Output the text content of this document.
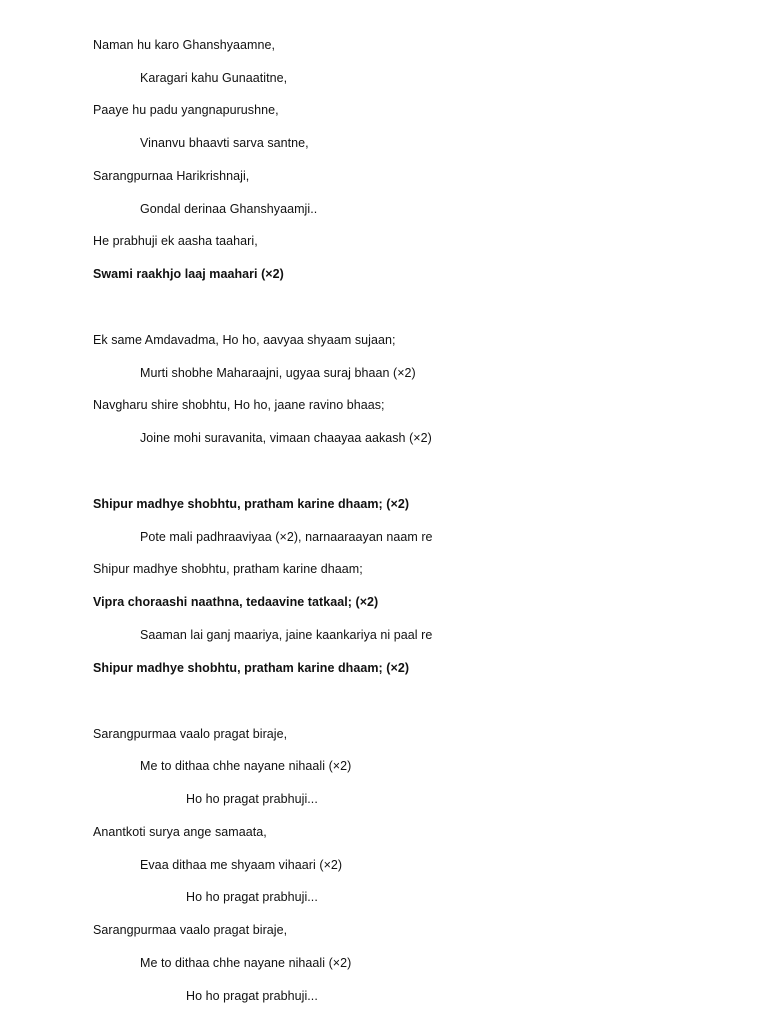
Naman hu karo Ghanshyaamne,
Karagari kahu Gunaatitne,
Paaye hu padu yangnapurushne,
Vinanvu bhaavti sarva santne,
Sarangpurnaa Harikrishnaji,
Gondal derinaa Ghanshyaamji..
He prabhuji ek aasha taahari,
Swami raakhjo laaj maahari (×2)
Ek same Amdavadma, Ho ho, aavyaa shyaam sujaan;
Murti shobhe Maharaajni, ugyaa suraj bhaan (×2)
Navgharu shire shobhtu, Ho ho, jaane ravino bhaas;
Joine mohi suravanita, vimaan chaayaa aakash (×2)
Shipur madhye shobhtu, pratham karine dhaam; (×2)
Pote mali padhraaviyaa (×2), narnaaraayan naam re
Shipur madhye shobhtu, pratham karine dhaam;
Vipra choraashi naathna, tedaavine tatkaal; (×2)
Saaman lai ganj maariya, jaine kaankariya ni paal re
Shipur madhye shobhtu, pratham karine dhaam; (×2)
Sarangpurmaa vaalo pragat biraje,
Me to dithaa chhe nayane nihaali (×2)
Ho ho pragat prabhuji...
Anantkoti surya ange samaata,
Evaa dithaa me shyaam vihaari (×2)
Ho ho pragat prabhuji...
Sarangpurmaa vaalo pragat biraje,
Me to dithaa chhe nayane nihaali (×2)
Ho ho pragat prabhuji...
